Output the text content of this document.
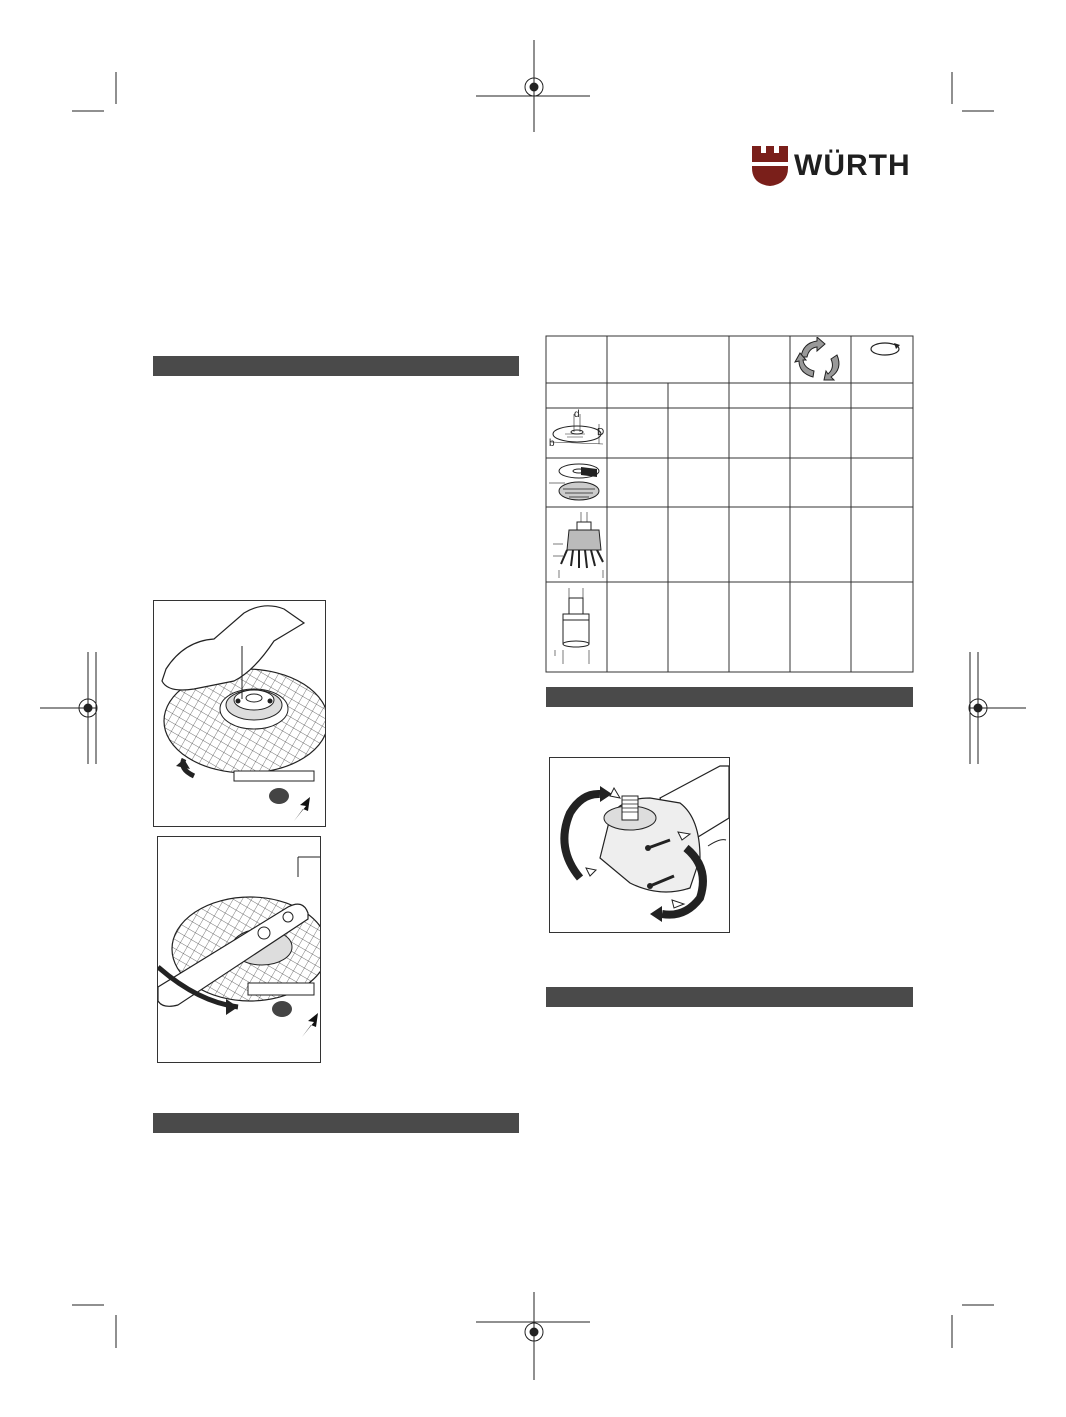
WÜRTH
d
D
b
